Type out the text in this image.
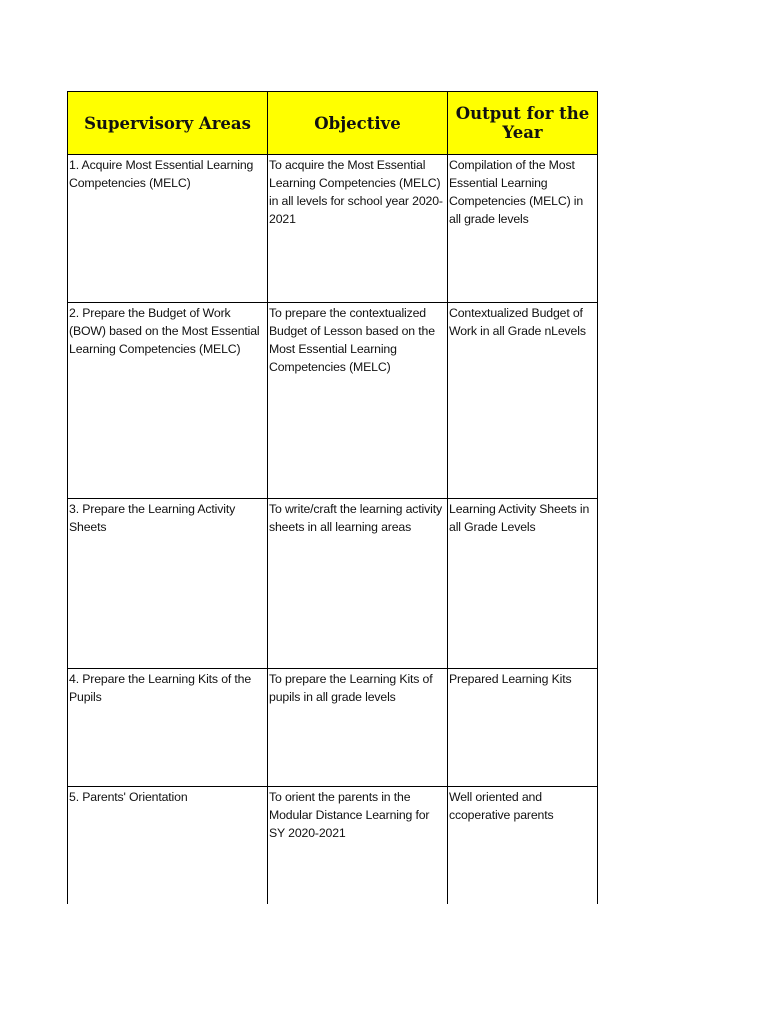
Supervisory Areas	Objective	Output for the Year
1. Acquire Most Essential Learning Competencies (MELC)	To acquire the Most Essential Learning Competencies (MELC) in all levels for school year 2020-2021	Compilation of the Most Essential Learning Competencies (MELC) in all grade levels
2. Prepare the Budget of Work (BOW) based on the Most Essential Learning Competencies (MELC)	To prepare the contextualized Budget of Lesson based on the Most Essential Learning Competencies (MELC)	Contextualized Budget of Work in all Grade nLevels
3. Prepare the Learning Activity Sheets	To write/craft the learning activity sheets in all learning areas	Learning Activity Sheets in all Grade Levels
4. Prepare the Learning Kits of the Pupils	To prepare the Learning Kits of pupils in all grade levels	Prepared Learning Kits
5. Parents' Orientation	To orient the parents in the Modular Distance Learning for SY 2020-2021	Well oriented and ccoperative parents
